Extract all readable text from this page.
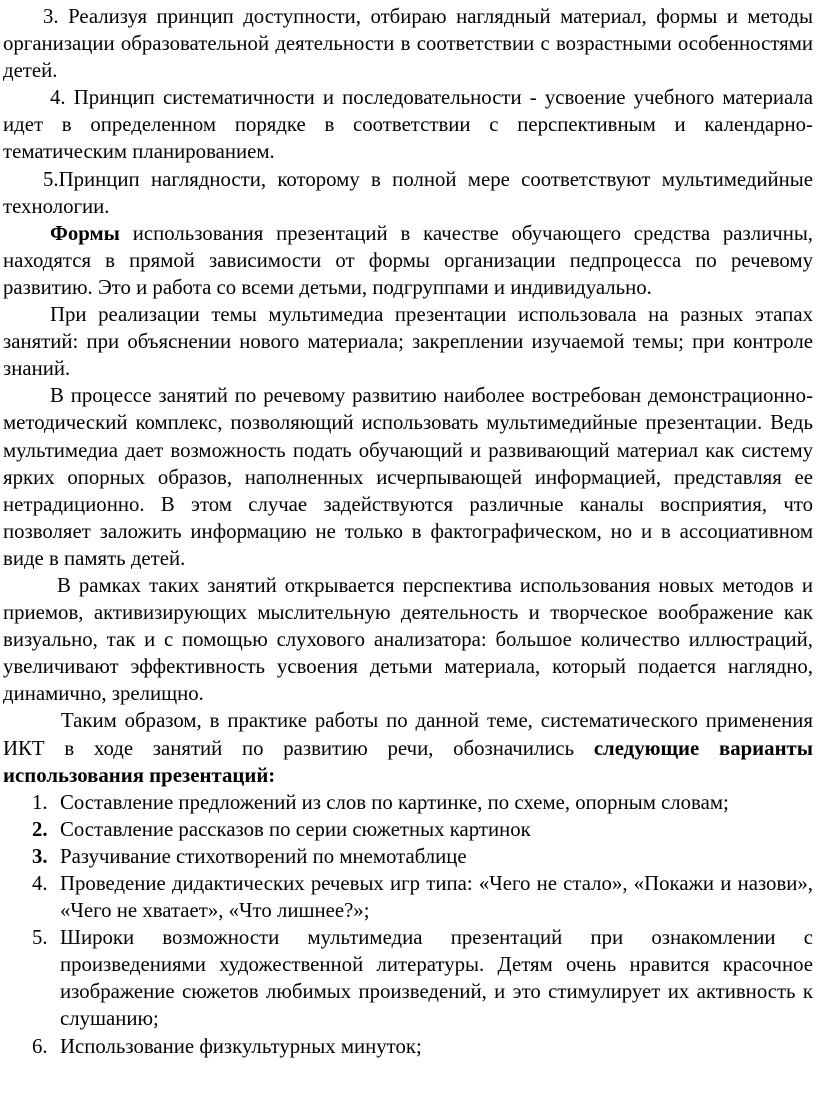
3. Реализуя принцип доступности, отбираю наглядный материал, формы и методы организации образовательной деятельности в соответствии с возрастными особенностями детей.

4. Принцип систематичности и последовательности - усвоение учебного материала идет в определенном порядке в соответствии с перспективным и календарно-тематическим планированием.

5.Принцип наглядности, которому в полной мере соответствуют мультимедийные технологии.

Формы использования презентаций в качестве обучающего средства различны, находятся в прямой зависимости от формы организации педпроцесса по речевому развитию. Это и работа со всеми детьми, подгруппами и индивидуально.

При реализации темы мультимедиа презентации использовала на разных этапах занятий: при объяснении нового материала; закреплении изучаемой темы; при контроле знаний.

В процессе занятий по речевому развитию наиболее востребован демонстрационно-методический комплекс, позволяющий использовать мультимедийные презентации. Ведь мультимедиа дает возможность подать обучающий и развивающий материал как систему ярких опорных образов, наполненных исчерпывающей информацией, представляя ее нетрадиционно. В этом случае задействуются различные каналы восприятия, что позволяет заложить информацию не только в фактографическом, но и в ассоциативном виде в память детей.

В рамках таких занятий открывается перспектива использования новых методов и приемов, активизирующих мыслительную деятельность и творческое воображение как визуально, так и с помощью слухового анализатора: большое количество иллюстраций, увеличивают эффективность усвоения детьми материала, который подается наглядно, динамично, зрелищно.

Таким образом, в практике работы по данной теме, систематического применения ИКТ в ходе занятий по развитию речи, обозначились следующие варианты использования презентаций:

1. Составление предложений из слов по картинке, по схеме, опорным словам;
2. Составление рассказов по серии сюжетных картинок
3. Разучивание стихотворений по мнемотаблице
4. Проведение дидактических речевых игр типа: «Чего не стало», «Покажи и назови», «Чего не хватает», «Что лишнее?»;
5. Широки возможности мультимедиа презентаций при ознакомлении с произведениями художественной литературы. Детям очень нравится красочное изображение сюжетов любимых произведений, и это стимулирует их активность к слушанию;
6. Использование физкультурных минуток;
